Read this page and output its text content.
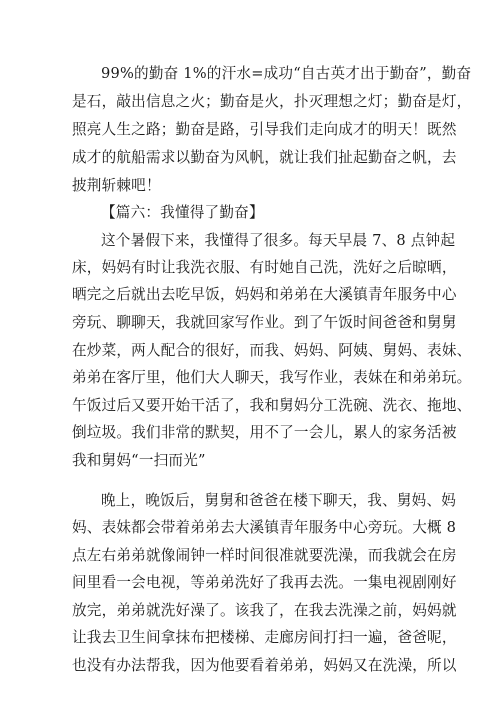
99%的勤奋 1%的汗水=成功“自古英才出于勤奋”，勤奋
是石，敲出信息之火；勤奋是火，扑灭理想之灯；勤奋是灯，
照亮人生之路；勤奋是路，引导我们走向成才的明天！既然
成才的航船需求以勤奋为风帆，就让我们扯起勤奋之帆，去
披荆斩棘吧！
【篇六：我懂得了勤奋】
这个暑假下来，我懂得了很多。每天早晨 7、8 点钟起
床，妈妈有时让我洗衣服、有时她自己洗，洗好之后晾晒，
晒完之后就出去吃早饭，妈妈和弟弟在大溪镇青年服务中心
旁玩、聊聊天，我就回家写作业。到了午饭时间爸爸和舅舅
在炒菜，两人配合的很好，而我、妈妈、阿姨、舅妈、表妹、
弟弟在客厅里，他们大人聊天，我写作业，表妹在和弟弟玩。
午饭过后又要开始干活了，我和舅妈分工洗碗、洗衣、拖地、
倒垃圾。我们非常的默契，用不了一会儿，累人的家务活被
我和舅妈“一扫而光”
晚上，晚饭后，舅舅和爸爸在楼下聊天，我、舅妈、妈
妈、表妹都会带着弟弟去大溪镇青年服务中心旁玩。大概 8
点左右弟弟就像闹钟一样时间很准就要洗澡，而我就会在房
间里看一会电视，等弟弟洗好了我再去洗。一集电视剧刚好
放完，弟弟就洗好澡了。该我了，在我去洗澡之前，妈妈就
让我去卫生间拿抹布把楼梯、走廊房间打扫一遍，爸爸呢，
也没有办法帮我，因为他要看着弟弟，妈妈又在洗澡，所以
